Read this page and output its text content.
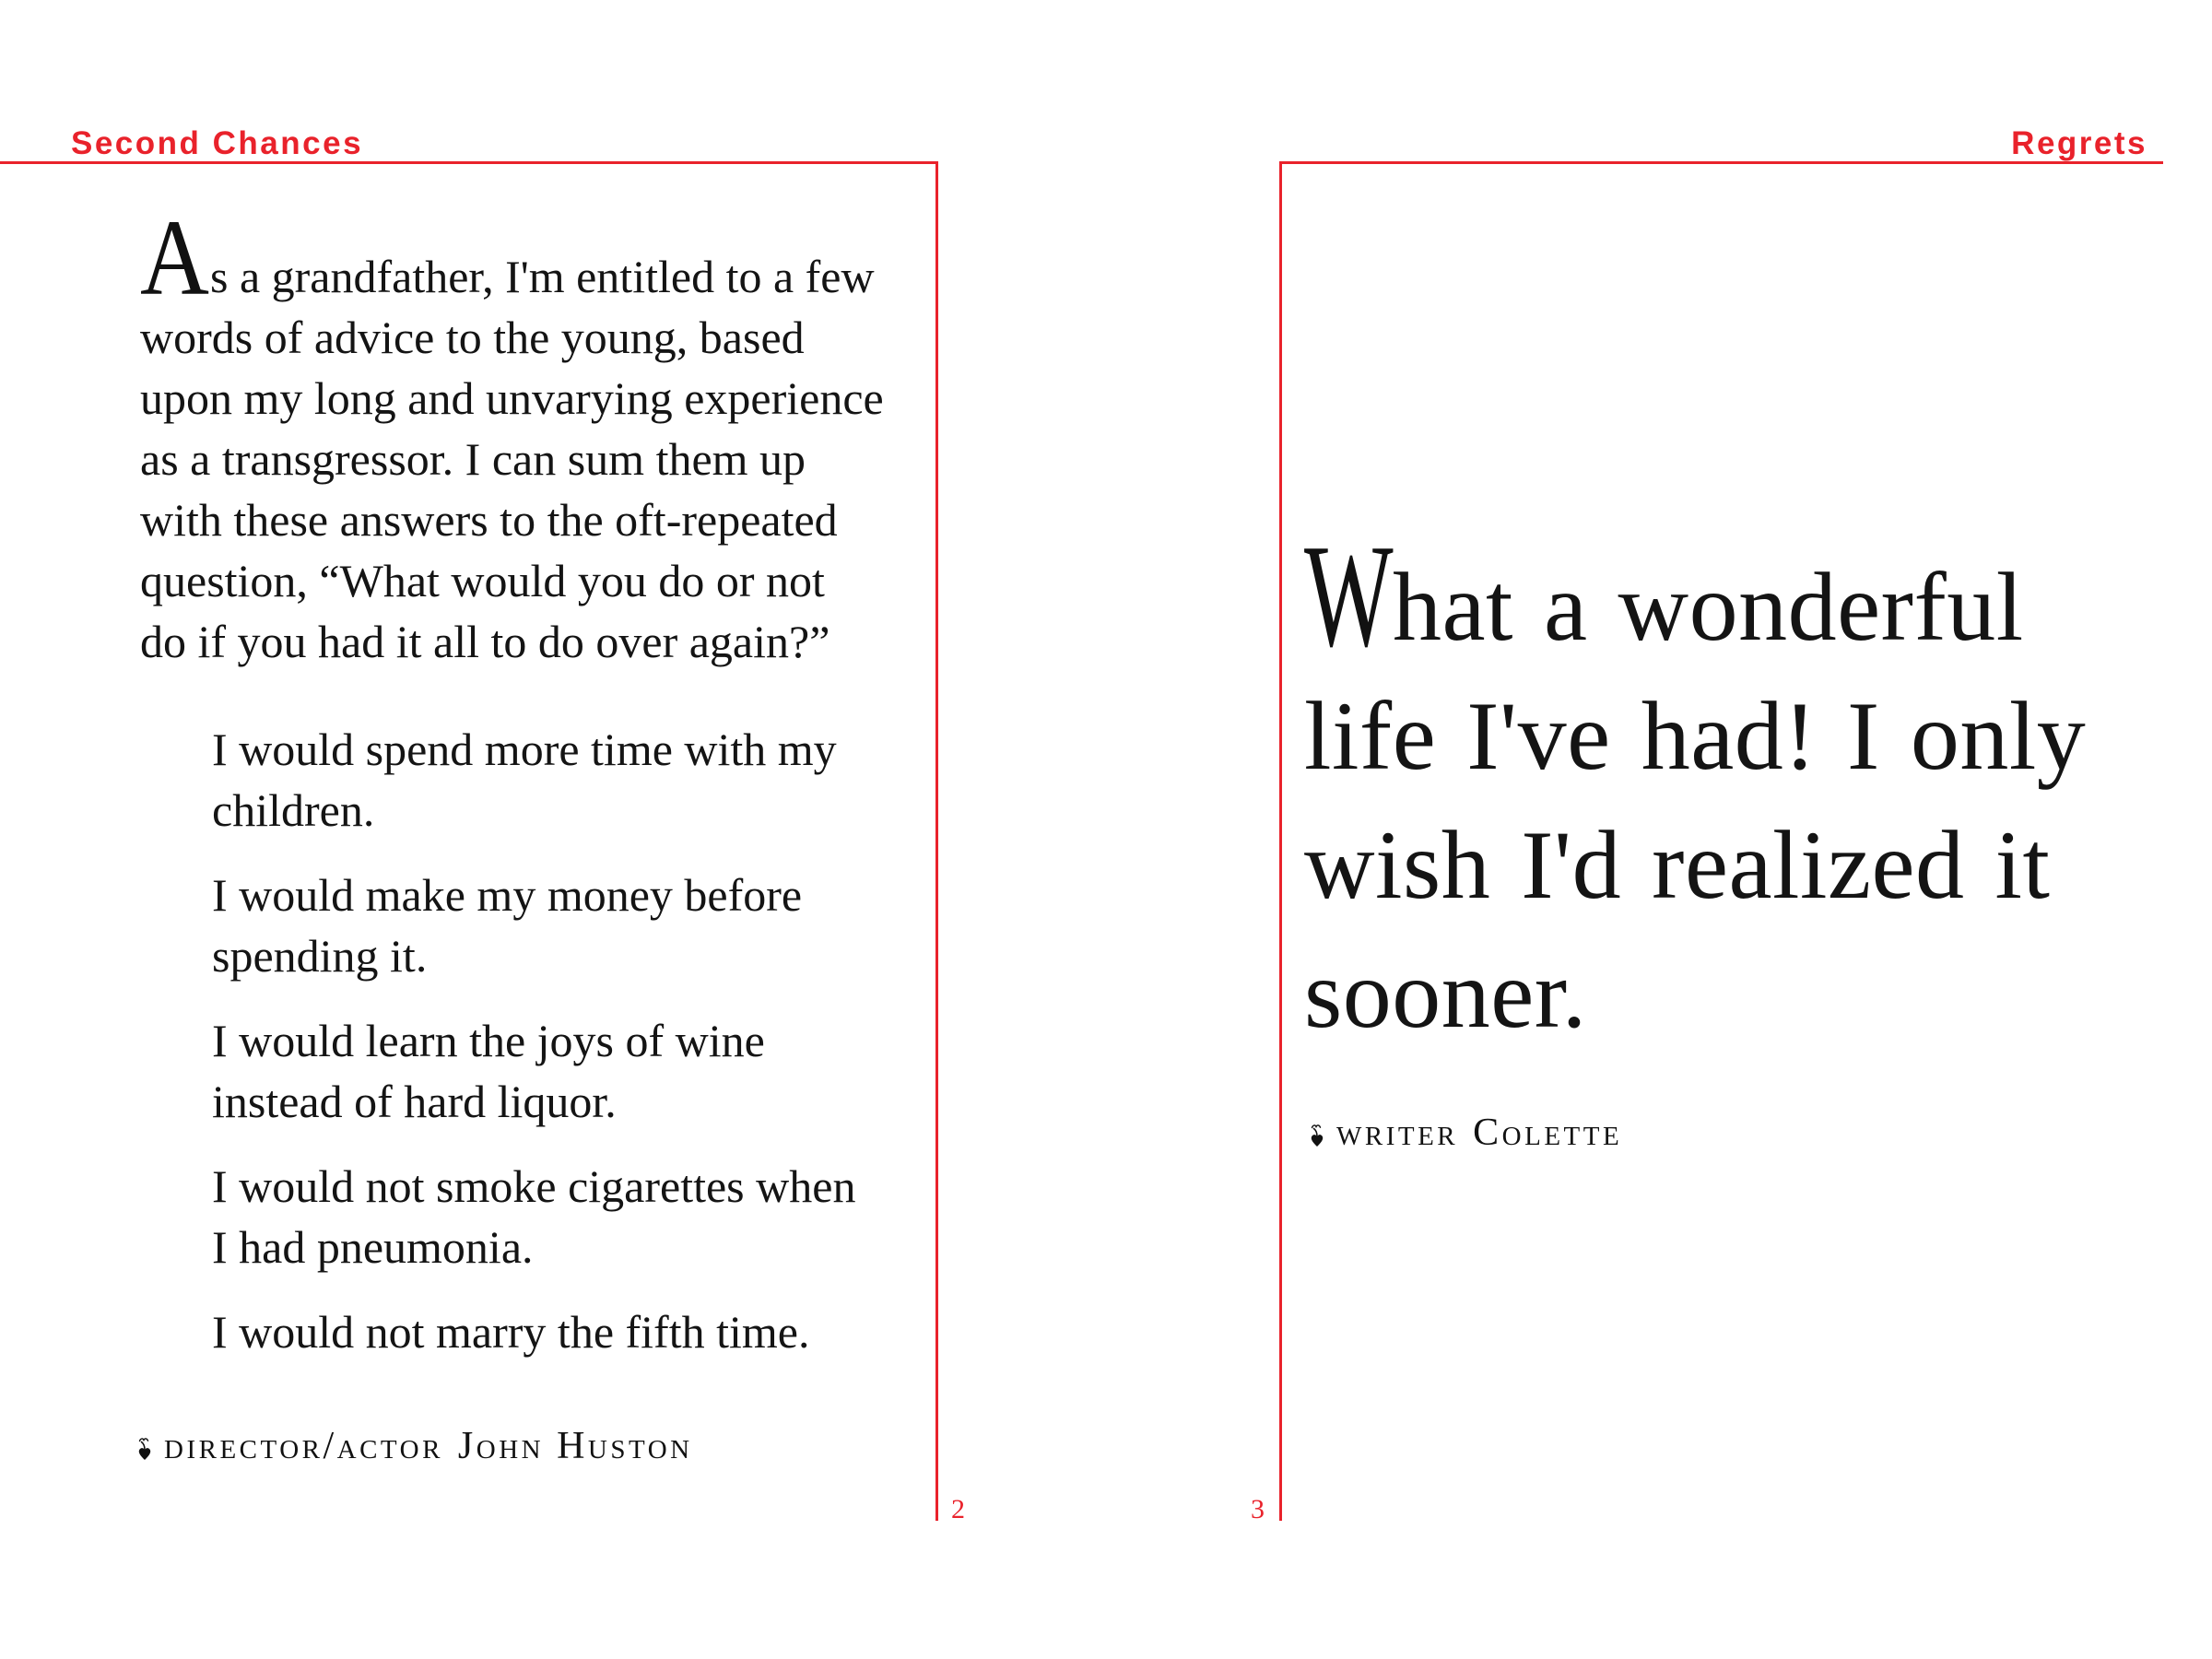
Second Chances	Regrets
2	3
A s a grandfather, I'm entitled to a few
words of advice to the young, based
upon my long and unvarying experience
as a transgressor. I can sum them up
with these answers to the oft-repeated
question, “What would you do or not
do if you had it all to do over again?”
I would spend more time with my
children.
I would make my money before
spending it.
I would learn the joys of wine
instead of hard liquor.
I would not smoke cigarettes when
I had pneumonia.
I would not marry the fifth time.
director/actor John Huston
W hat a wonderful
life I've had! I only
wish I'd realized it
sooner.
writer Colette
